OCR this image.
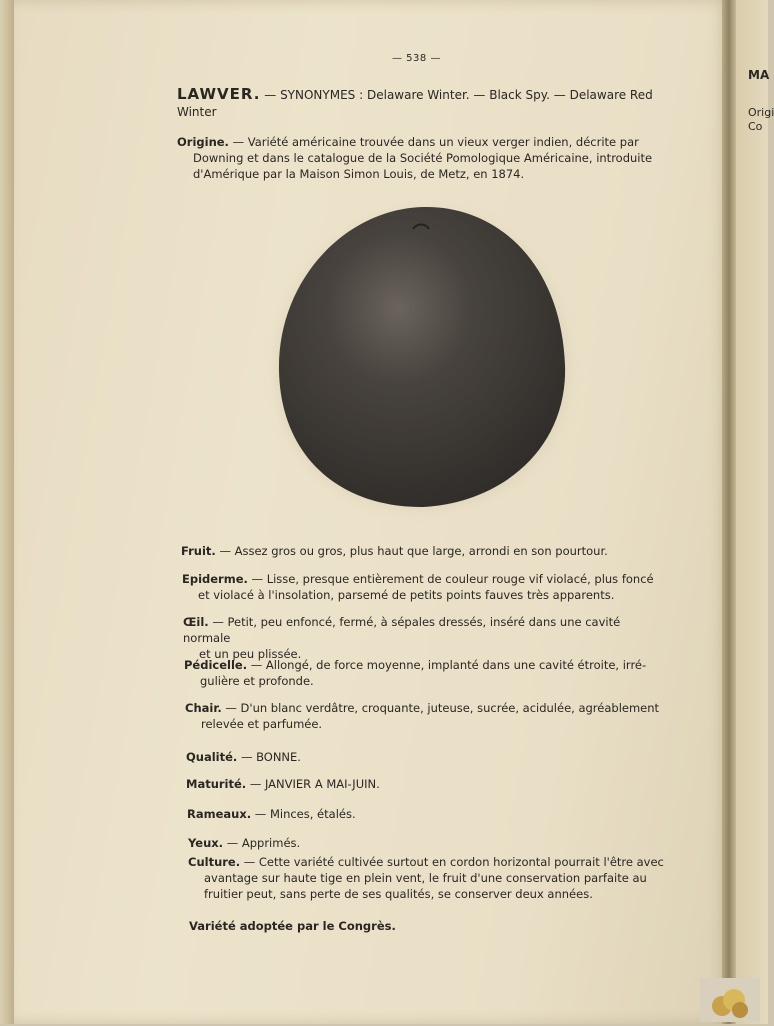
MA
Origi
Co
— 538 —
LAWVER. — SYNONYMES : Delaware Winter. — Black Spy. — Delaware Red Winter
Origine. — Variété américaine trouvée dans un vieux verger indien, décrite par

Downing et dans le catalogue de la Société Pomologique Américaine, introduite
d'Amérique par la Maison Simon Louis, de Metz, en 1874.
Fruit. — Assez gros ou gros, plus haut que large, arrondi en son pourtour.
Epiderme. — Lisse, presque entièrement de couleur rouge vif violacé, plus foncé
et violacé à l'insolation, parsemé de petits points fauves très apparents.
Œil. — Petit, peu enfoncé, fermé, à sépales dressés, inséré dans une cavité normale
et un peu plissée.
Pédicelle. — Allongé, de force moyenne, implanté dans une cavité étroite, irré-
gulière et profonde.
Chair. — D'un blanc verdâtre, croquante, juteuse, sucrée, acidulée, agréablement
relevée et parfumée.
Qualité. — BONNE.
Maturité. — JANVIER A MAI-JUIN.
Rameaux. — Minces, étalés.
Yeux. — Apprimés.
Culture. — Cette variété cultivée surtout en cordon horizontal pourrait l'être avec
avantage sur haute tige en plein vent, le fruit d'une conservation parfaite au
fruitier peut, sans perte de ses qualités, se conserver deux années.
Variété adoptée par le Congrès.
